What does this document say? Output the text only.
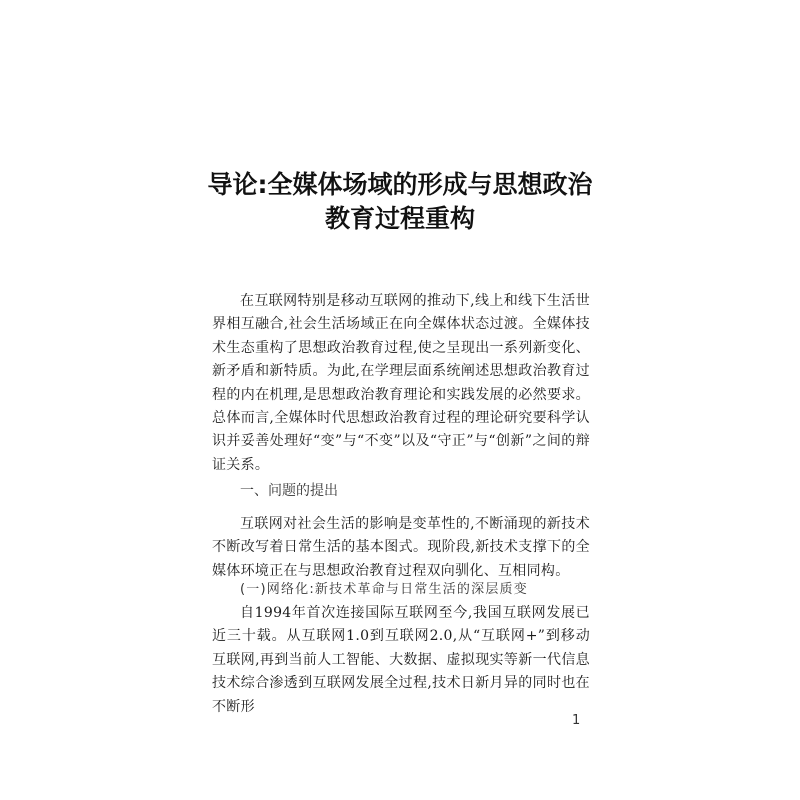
导论:全媒体场域的形成与思想政治
教育过程重构

在互联网特别是移动互联网的推动下,线上和线下生活世界相互融合,社会生活场域正在向全媒体状态过渡。全媒体技术生态重构了思想政治教育过程,使之呈现出一系列新变化、新矛盾和新特质。为此,在学理层面系统阐述思想政治教育过程的内在机理,是思想政治教育理论和实践发展的必然要求。总体而言,全媒体时代思想政治教育过程的理论研究要科学认识并妥善处理好“变”与“不变”以及“守正”与“创新”之间的辩证关系。

一、问题的提出

互联网对社会生活的影响是变革性的,不断涌现的新技术不断改写着日常生活的基本图式。现阶段,新技术支撑下的全媒体环境正在与思想政治教育过程双向驯化、互相同构。

(一)网络化:新技术革命与日常生活的深层质变

自1994年首次连接国际互联网至今,我国互联网发展已近三十载。从互联网1.0到互联网2.0,从“互联网+”到移动互联网,再到当前人工智能、大数据、虚拟现实等新一代信息技术综合渗透到互联网发展全过程,技术日新月异的同时也在不断形

1
